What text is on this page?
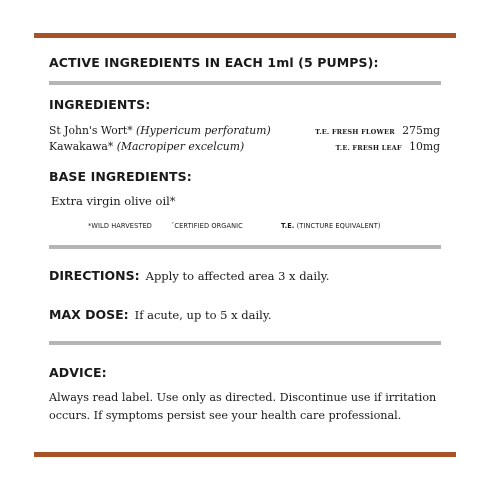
ACTIVE INGREDIENTS IN EACH 1ml (5 PUMPS):
INGREDIENTS:
St John's Wort* (Hypericum perforatum)	T.E. FRESH FLOWER 275mg
Kawakawa* (Macropiper excelcum)	T.E. FRESH LEAF 10mg
BASE INGREDIENTS:
Extra virgin olive oil*
*WILD HARVESTED	ˇCERTIFIED ORGANIC	T.E. (TINCTURE EQUIVALENT)
DIRECTIONS: Apply to affected area 3 x daily.
MAX DOSE: If acute, up to 5 x daily.
ADVICE:
Always read label. Use only as directed. Discontinue use if irritation occurs. If symptoms persist see your health care professional.
